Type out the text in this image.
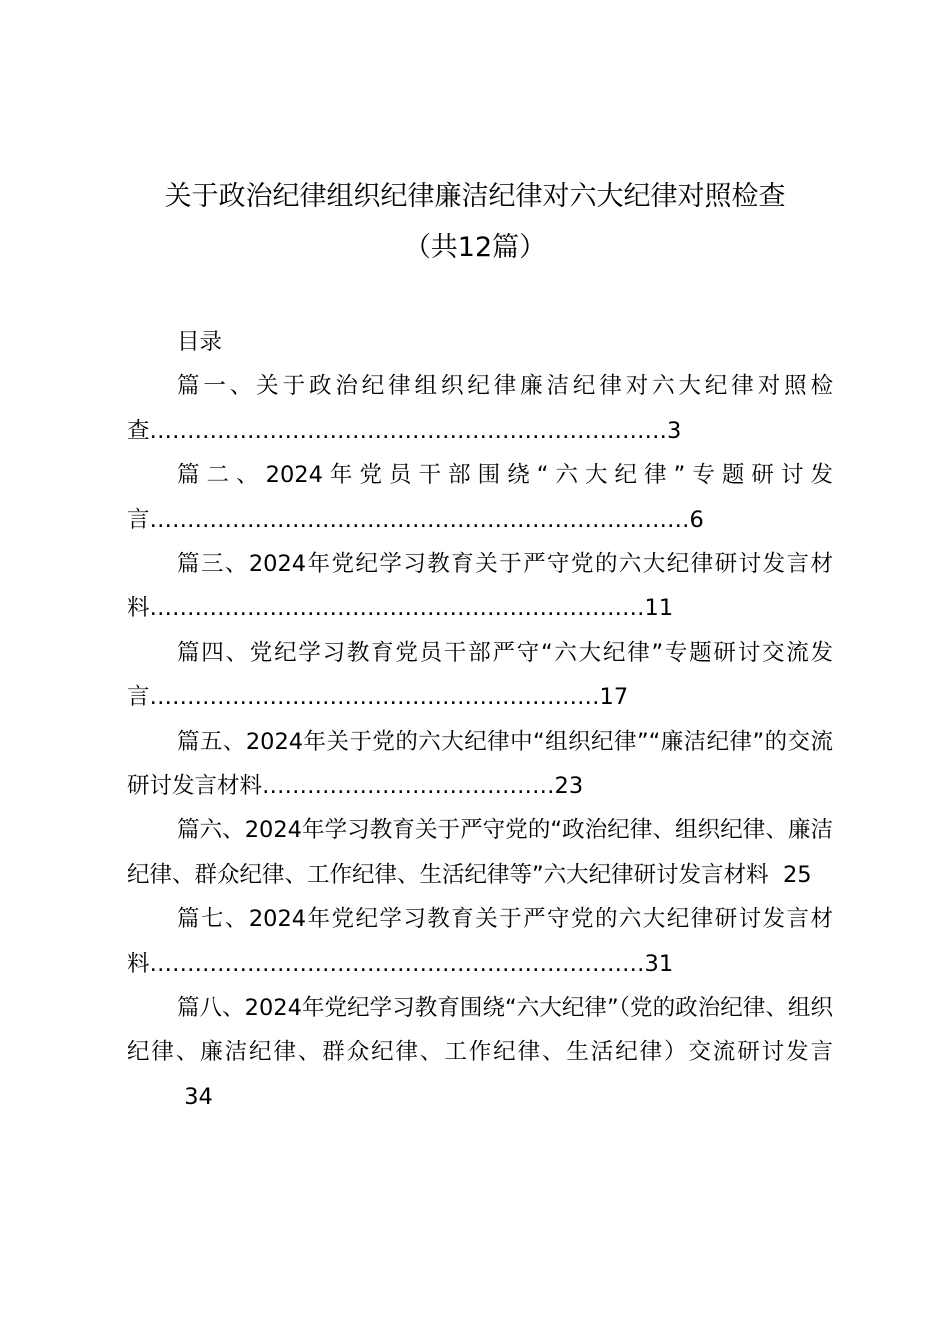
关于政治纪律组织纪律廉洁纪律对六大纪律对照检查
（共12篇）

目录

篇一、关于政治纪律组织纪律廉洁纪律对六大纪律对照检查……………………………………………………………3

篇二、2024年党员干部围绕“六大纪律”专题研讨发言………………………………………………………………6

篇三、2024年党纪学习教育关于严守党的六大纪律研讨发言材料…………………………………………………………11

篇四、党纪学习教育党员干部严守“六大纪律”专题研讨交流发言……………………………………………………17

篇五、2024年关于党的六大纪律中“组织纪律”“廉洁纪律”的交流研讨发言材料…………………………………23

篇六、2024年学习教育关于严守党的“政治纪律、组织纪律、廉洁纪律、群众纪律、工作纪律、生活纪律等”六大纪律研讨发言材料 25

篇七、2024年党纪学习教育关于严守党的六大纪律研讨发言材料…………………………………………………………31

篇八、2024年党纪学习教育围绕“六大纪律”（党的政治纪律、组织纪律、廉洁纪律、群众纪律、工作纪律、生活纪律）交流研讨发言        34
